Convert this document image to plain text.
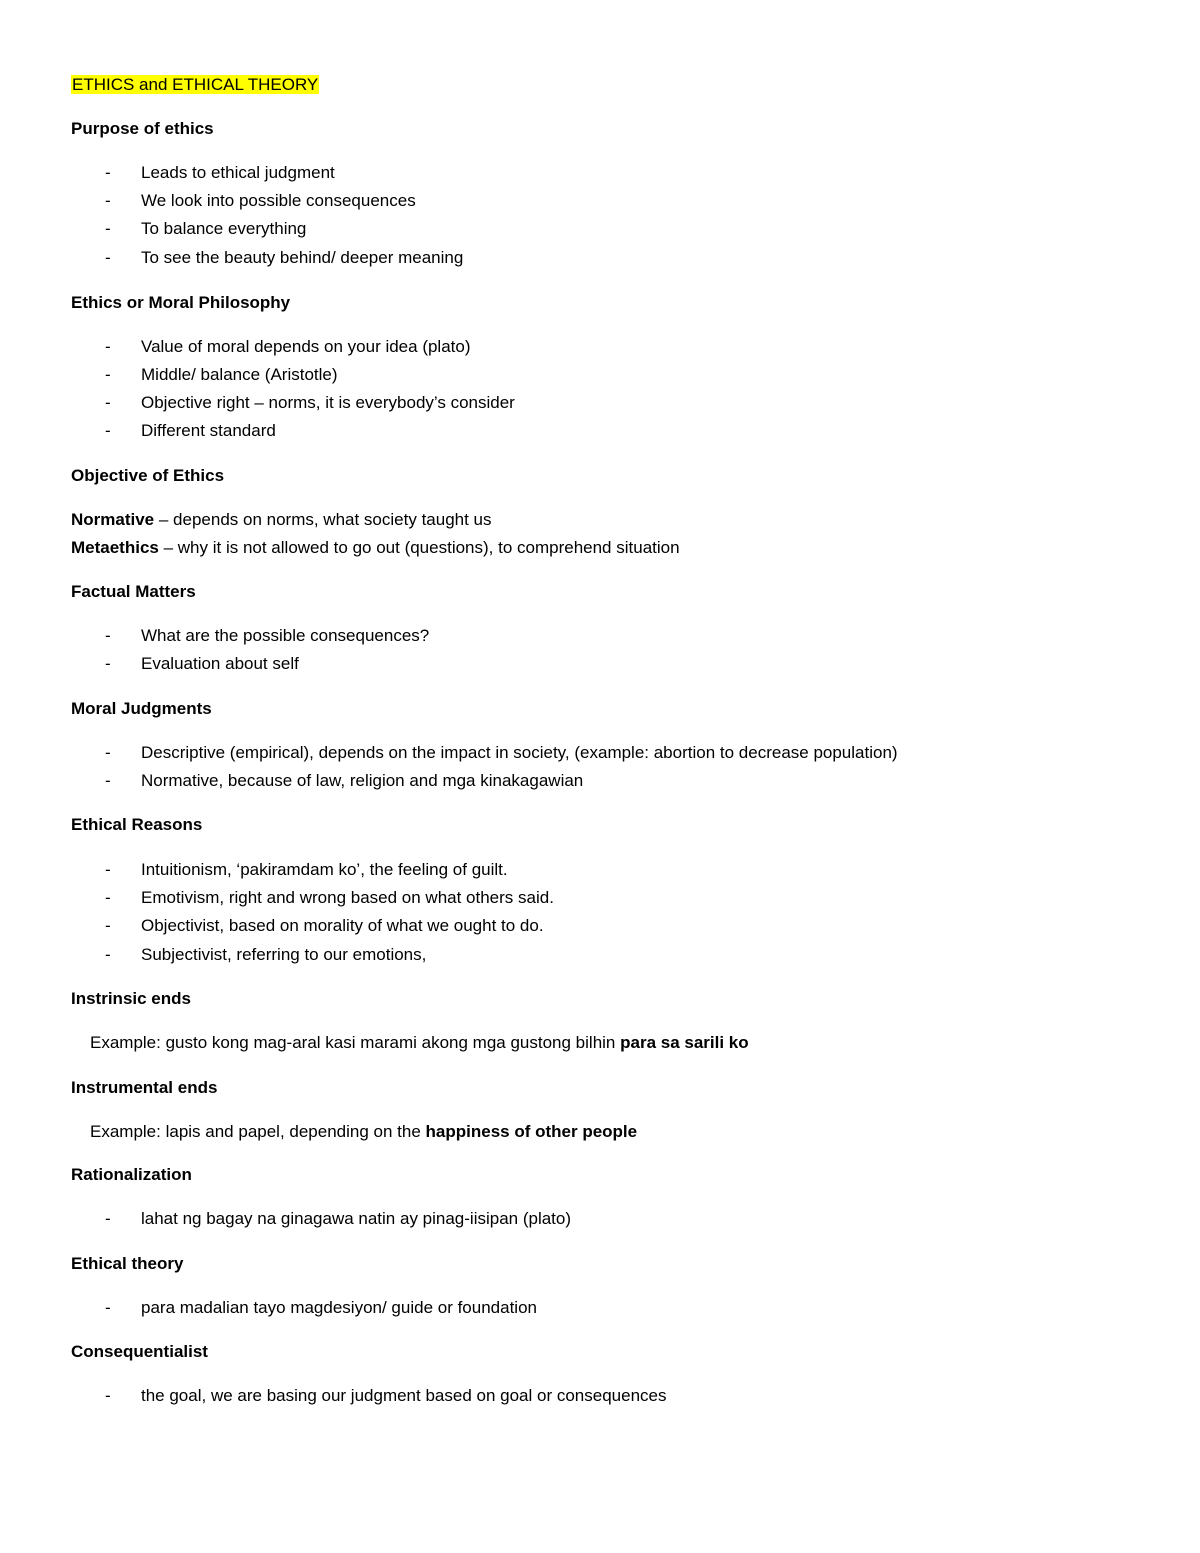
ETHICS and ETHICAL THEORY
Purpose of ethics
- Leads to ethical judgment
- We look into possible consequences
- To balance everything
- To see the beauty behind/ deeper meaning
Ethics or Moral Philosophy
- Value of moral depends on your idea (plato)
- Middle/ balance (Aristotle)
- Objective right – norms, it is everybody’s consider
- Different standard
Objective of Ethics
Normative – depends on norms, what society taught us
Metaethics – why it is not allowed to go out (questions), to comprehend situation
Factual Matters
- What are the possible consequences?
- Evaluation about self
Moral Judgments
- Descriptive (empirical), depends on the impact in society, (example: abortion to decrease population)
- Normative, because of law, religion and mga kinakagawian
Ethical Reasons
- Intuitionism, ‘pakiramdam ko’, the feeling of guilt.
- Emotivism, right and wrong based on what others said.
- Objectivist, based on morality of what we ought to do.
- Subjectivist, referring to our emotions,
Instrinsic ends
Example: gusto kong mag-aral kasi marami akong mga gustong bilhin para sa sarili ko
Instrumental ends
Example: lapis and papel, depending on the happiness of other people
Rationalization
- lahat ng bagay na ginagawa natin ay pinag-iisipan (plato)
Ethical theory
- para madalian tayo magdesiyon/ guide or foundation
Consequentialist
- the goal, we are basing our judgment based on goal or consequences
